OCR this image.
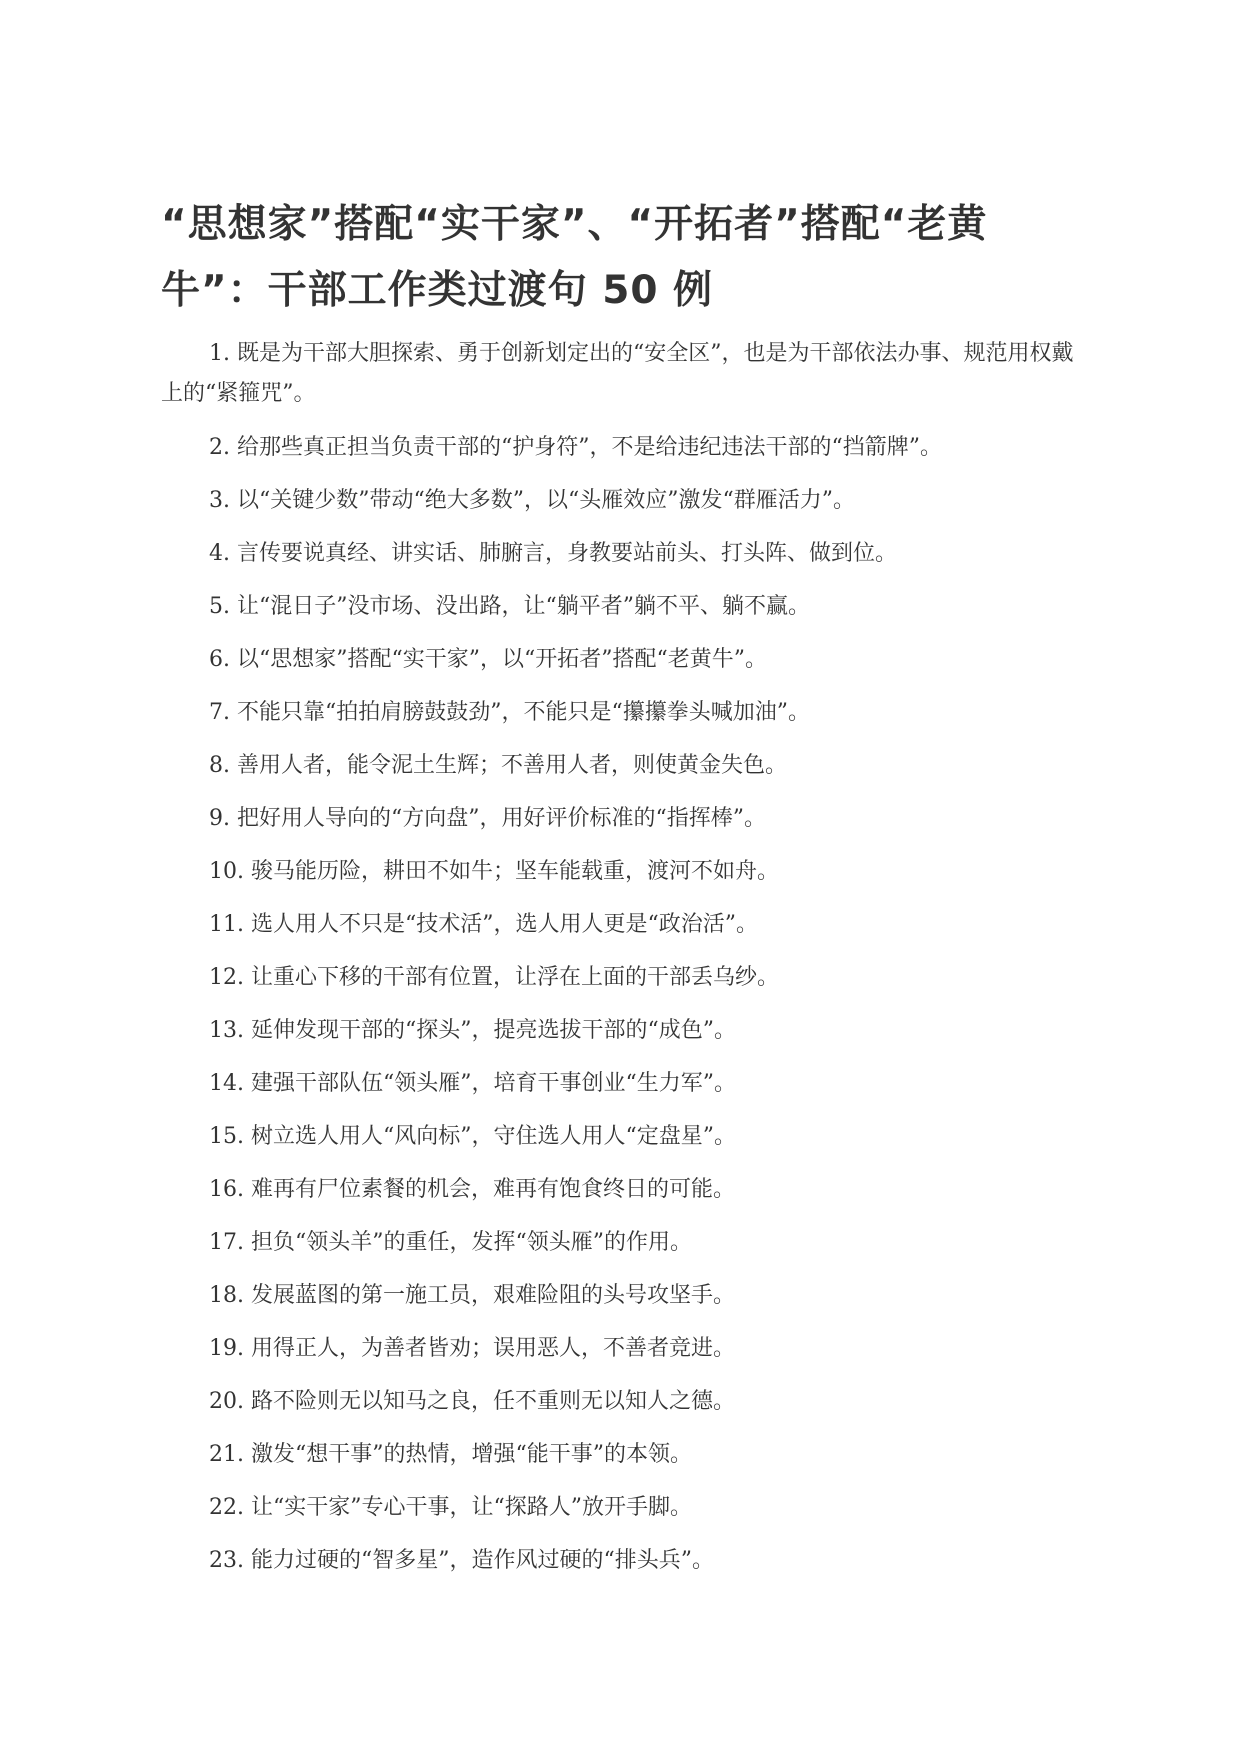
“思想家”搭配“实干家”、“开拓者”搭配“老黄牛”：干部工作类过渡句 50 例
1. 既是为干部大胆探索、勇于创新划定出的“安全区”，也是为干部依法办事、规范用权戴上的“紧箍咒”。
2. 给那些真正担当负责干部的“护身符”，不是给违纪违法干部的“挡箭牌”。
3. 以“关键少数”带动“绝大多数”，以“头雁效应”激发“群雁活力”。
4. 言传要说真经、讲实话、肺腑言，身教要站前头、打头阵、做到位。
5. 让“混日子”没市场、没出路，让“躺平者”躺不平、躺不赢。
6. 以“思想家”搭配“实干家”，以“开拓者”搭配“老黄牛”。
7. 不能只靠“拍拍肩膀鼓鼓劲”，不能只是“攥攥拳头喊加油”。
8. 善用人者，能令泥土生辉；不善用人者，则使黄金失色。
9. 把好用人导向的“方向盘”，用好评价标准的“指挥棒”。
10. 骏马能历险，耕田不如牛；坚车能载重，渡河不如舟。
11. 选人用人不只是“技术活”，选人用人更是“政治活”。
12. 让重心下移的干部有位置，让浮在上面的干部丢乌纱。
13. 延伸发现干部的“探头”，提亮选拔干部的“成色”。
14. 建强干部队伍“领头雁”，培育干事创业“生力军”。
15. 树立选人用人“风向标”，守住选人用人“定盘星”。
16. 难再有尸位素餐的机会，难再有饱食终日的可能。
17. 担负“领头羊”的重任，发挥“领头雁”的作用。
18. 发展蓝图的第一施工员，艰难险阻的头号攻坚手。
19. 用得正人，为善者皆劝；误用恶人，不善者竞进。
20. 路不险则无以知马之良，任不重则无以知人之德。
21. 激发“想干事”的热情，增强“能干事”的本领。
22. 让“实干家”专心干事，让“探路人”放开手脚。
23. 能力过硬的“智多星”，造作风过硬的“排头兵”。
